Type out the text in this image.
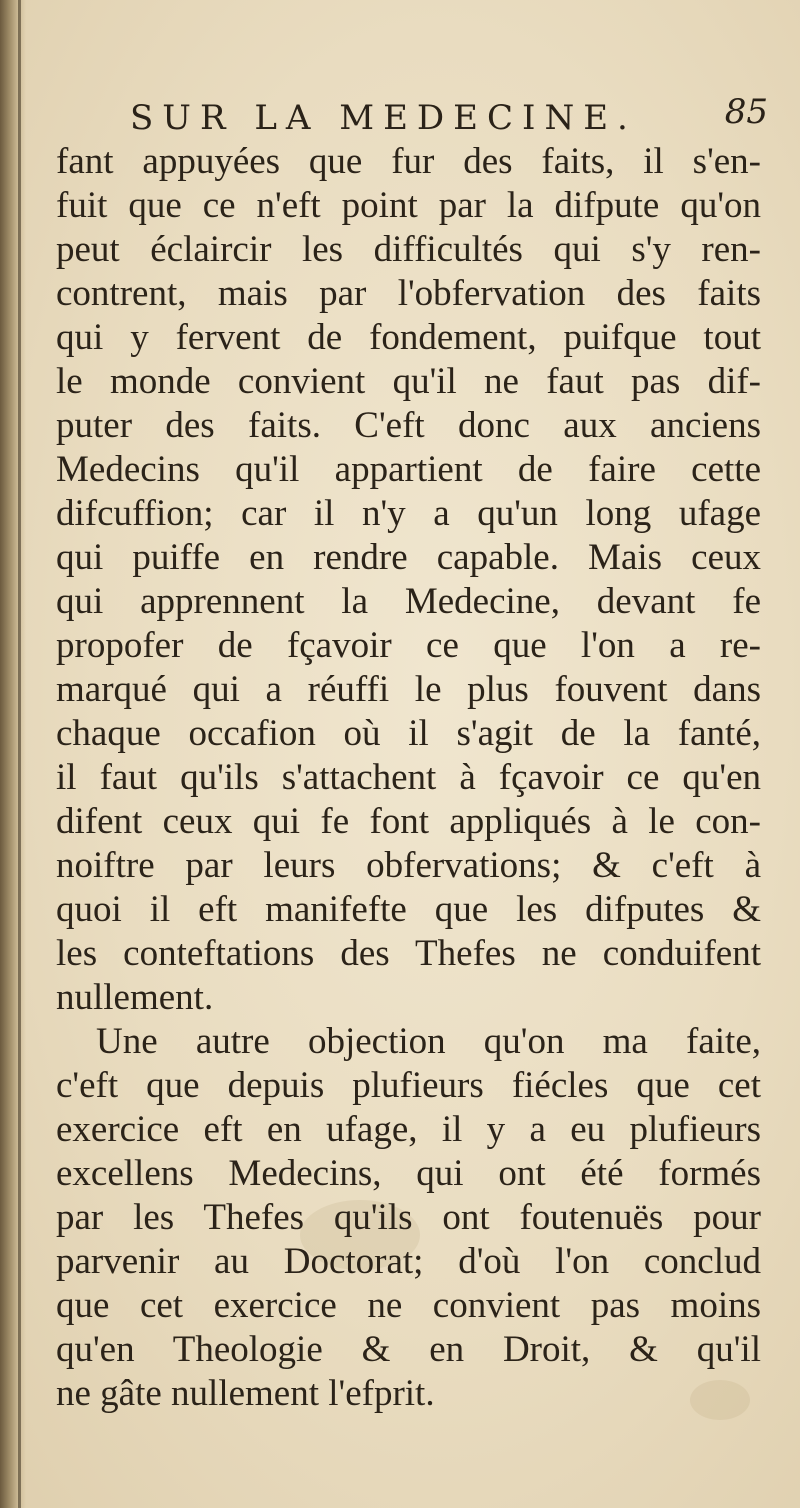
SUR LA MEDECINE.	85
fant appuyées que fur des faits, il s'en-
fuit que ce n'eft point par la difpute qu'on
peut éclaircir les difficultés qui s'y ren-
contrent, mais par l'obfervation des faits
qui y fervent de fondement, puifque tout
le monde convient qu'il ne faut pas dif-
puter des faits. C'eft donc aux anciens
Medecins qu'il appartient de faire cette
difcuffion; car il n'y a qu'un long ufage
qui puiffe en rendre capable. Mais ceux
qui apprennent la Medecine, devant fe
propofer de fçavoir ce que l'on a re-
marqué qui a réuffi le plus fouvent dans
chaque occafion où il s'agit de la fanté,
il faut qu'ils s'attachent à fçavoir ce qu'en
difent ceux qui fe font appliqués à le con-
noiftre par leurs obfervations; & c'eft à
quoi il eft manifefte que les difputes &
les conteftations des Thefes ne conduifent
nullement.
Une autre objection qu'on ma faite,
c'eft que depuis plufieurs fiécles que cet
exercice eft en ufage, il y a eu plufieurs
excellens Medecins, qui ont été formés
par les Thefes qu'ils ont foutenuës pour
parvenir au Doctorat; d'où l'on conclud
que cet exercice ne convient pas moins
qu'en Theologie & en Droit, & qu'il
ne gâte nullement l'efprit.
